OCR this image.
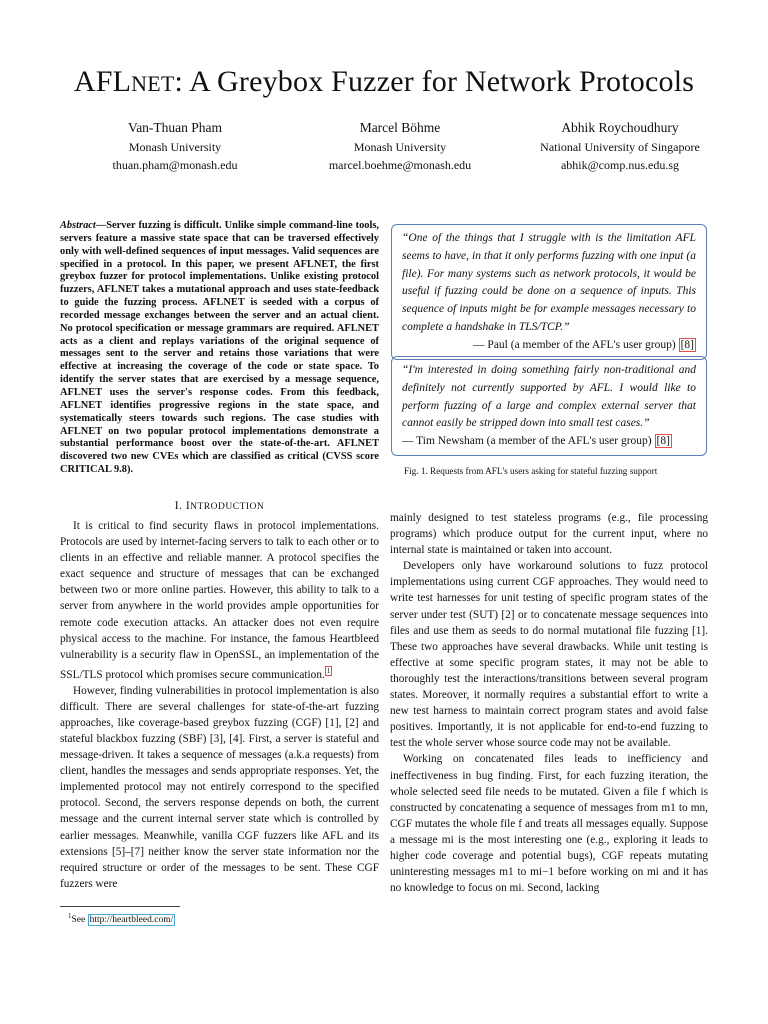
AFLNET: A Greybox Fuzzer for Network Protocols
Van-Thuan Pham
Monash University
thuan.pham@monash.edu
Marcel Böhme
Monash University
marcel.boehme@monash.edu
Abhik Roychoudhury
National University of Singapore
abhik@comp.nus.edu.sg
Abstract—Server fuzzing is difficult. Unlike simple command-line tools, servers feature a massive state space that can be traversed effectively only with well-defined sequences of input messages. Valid sequences are specified in a protocol. In this paper, we present AFLNET, the first greybox fuzzer for protocol implementations. Unlike existing protocol fuzzers, AFLNET takes a mutational approach and uses state-feedback to guide the fuzzing process. AFLNET is seeded with a corpus of recorded message exchanges between the server and an actual client. No protocol specification or message grammars are required. AFLNET acts as a client and replays variations of the original sequence of messages sent to the server and retains those variations that were effective at increasing the coverage of the code or state space. To identify the server states that are exercised by a message sequence, AFLNET uses the server's response codes. From this feedback, AFLNET identifies progressive regions in the state space, and systematically steers towards such regions. The case studies with AFLNET on two popular protocol implementations demonstrate a substantial performance boost over the state-of-the-art. AFLNET discovered two new CVEs which are classified as critical (CVSS score CRITICAL 9.8).
“One of the things that I struggle with is the limitation AFL seems to have, in that it only performs fuzzing with one input (a file). For many systems such as network protocols, it would be useful if fuzzing could be done on a sequence of inputs. This sequence of inputs might be for example messages necessary to complete a handshake in TLS/TCP.”
— Paul (a member of the AFL's user group) [8]
“I'm interested in doing something fairly non-traditional and definitely not currently supported by AFL. I would like to perform fuzzing of a large and complex external server that cannot easily be stripped down into small test cases.”
— Tim Newsham (a member of the AFL's user group) [8]
Fig. 1. Requests from AFL's users asking for stateful fuzzing support
I. INTRODUCTION

It is critical to find security flaws in protocol implementations. Protocols are used by internet-facing servers to talk to each other or to clients in an effective and reliable manner. A protocol specifies the exact sequence and structure of messages that can be exchanged between two or more online parties. However, this ability to talk to a server from anywhere in the world provides ample opportunities for remote code execution attacks. An attacker does not even require physical access to the machine. For instance, the famous Heartbleed vulnerability is a security flaw in OpenSSL, an implementation of the SSL/TLS protocol which promises secure communication. $^1$

However, finding vulnerabilities in protocol implementation is also difficult. There are several challenges for state-of-the-art fuzzing approaches, like coverage-based greybox fuzzing (CGF) [1], [2] and stateful blackbox fuzzing (SBF) [3], [4]. First, a server is stateful and message-driven. It takes a sequence of messages (a.k.a requests) from client, handles the messages and sends appropriate responses. Yet, the implemented protocol may not entirely correspond to the specified protocol. Second, the servers response depends on both, the current message and the current internal server state which is controlled by earlier messages. Meanwhile, vanilla CGF fuzzers like AFL and its extensions [5]–[7] neither know the server state information nor the required structure or order of the messages to be sent. These CGF fuzzers were

mainly designed to test stateless programs (e.g., file processing programs) which produce output for the current input, where no internal state is maintained or taken into account.

Developers only have workaround solutions to fuzz protocol implementations using current CGF approaches. They would need to write test harnesses for unit testing of specific program states of the server under test (SUT) [2] or to concatenate message sequences into files and use them as seeds to do normal mutational file fuzzing [1]. These two approaches have several drawbacks. While unit testing is effective at some specific program states, it may not be able to thoroughly test the interactions/transitions between several program states. Moreover, it normally requires a substantial effort to write a new test harness to maintain correct program states and avoid false positives. Importantly, it is not applicable for end-to-end fuzzing to test the whole server whose source code may not be available.

Working on concatenated files leads to inefficiency and ineffectiveness in bug finding. First, for each fuzzing iteration, the whole selected seed file needs to be mutated. Given a file f which is constructed by concatenating a sequence of messages from m1 to mn, CGF mutates the whole file f and treats all messages equally. Suppose a message mi is the most interesting one (e.g., exploring it leads to higher code coverage and potential bugs), CGF repeats mutating uninteresting messages m1 to mi−1 before working on mi and it has no knowledge to focus on mi. Second, lacking

$^1$See http://heartbleed.com/
